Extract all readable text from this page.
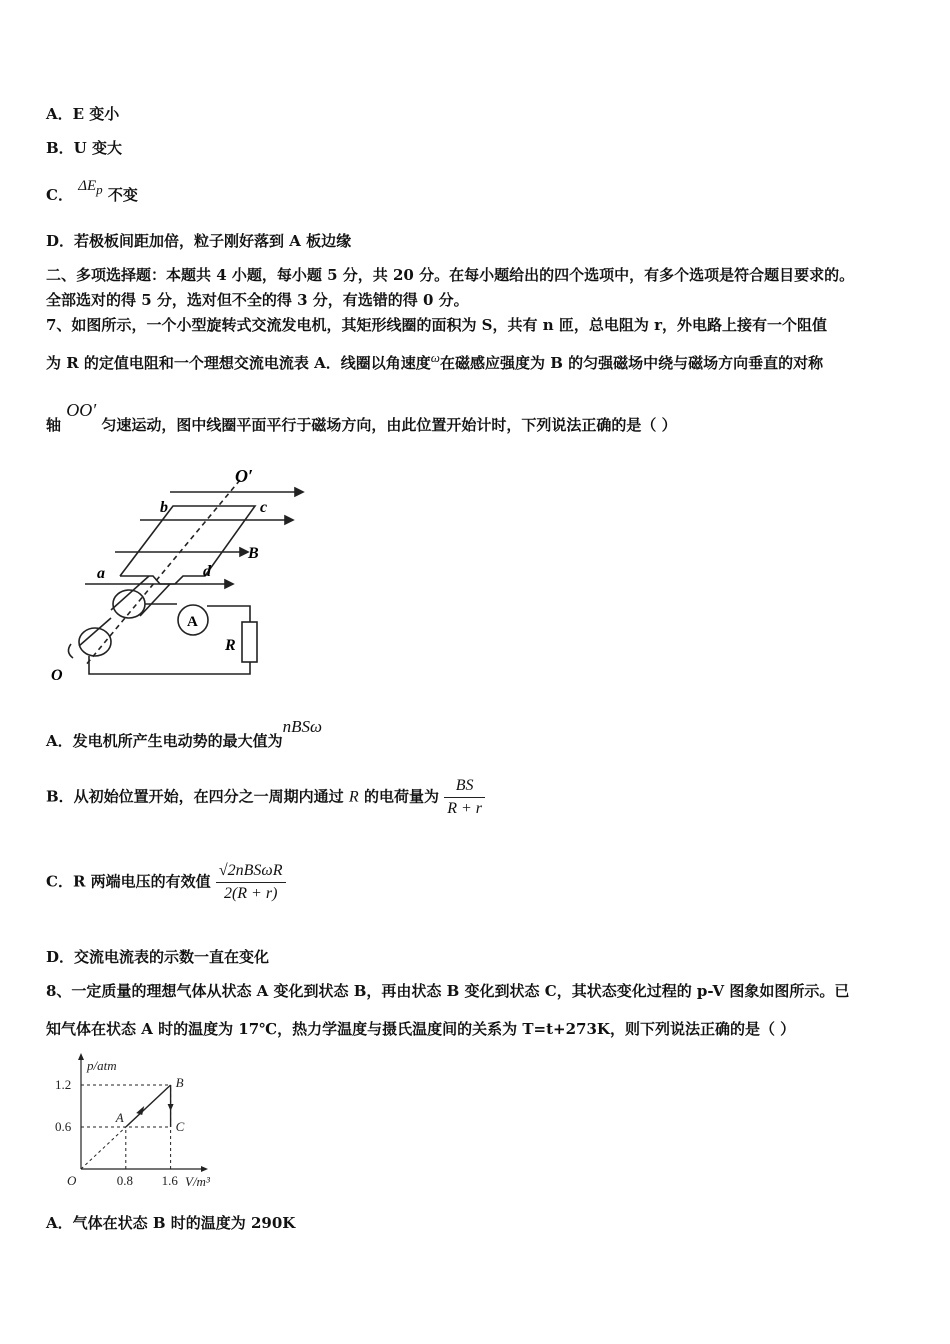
A．E 变小
B．U 变大
C． $\Delta E_p$ 不变
D．若极板间距加倍，粒子刚好落到 A 板边缘
二、多项选择题：本题共 4 小题，每小题 5 分，共 20 分。在每小题给出的四个选项中，有多个选项是符合题目要求的。
全部选对的得 5 分，选对但不全的得 3 分，有选错的得 0 分。
7、如图所示，一个小型旋转式交流发电机，其矩形线圈的面积为 S，共有 n 匝，总电阻为 r，外电路上接有一个阻值
为 R 的定值电阻和一个理想交流电流表 A．线圈以角速度ω在磁感应强度为 B 的匀强磁场中绕与磁场方向垂直的对称
轴 OO′ 匀速运动，图中线圈平面平行于磁场方向，由此位置开始计时，下列说法正确的是（ ）
O′
b	c
a	d
B
A
R
O
A．发电机所产生电动势的最大值为nBSω
B．从初始位置开始，在四分之一周期内通过 R 的电荷量为 $\frac{BS}{R + r}$
C．R 两端电压的有效值 $\frac{\text{√2nBSωR}}{2(R + r)}$
D．交流电流表的示数一直在变化
8、一定质量的理想气体从状态 A 变化到状态 B，再由状态 B 变化到状态 C，其状态变化过程的 p-V 图象如图所示。已
知气体在状态 A 时的温度为 17℃，热力学温度与摄氏温度间的关系为 T=t+273K，则下列说法正确的是（ ）
p/atm
V/m³
O	0.8 1.6
1.2
0.6
A
B
C
A．气体在状态 B 时的温度为 290K
